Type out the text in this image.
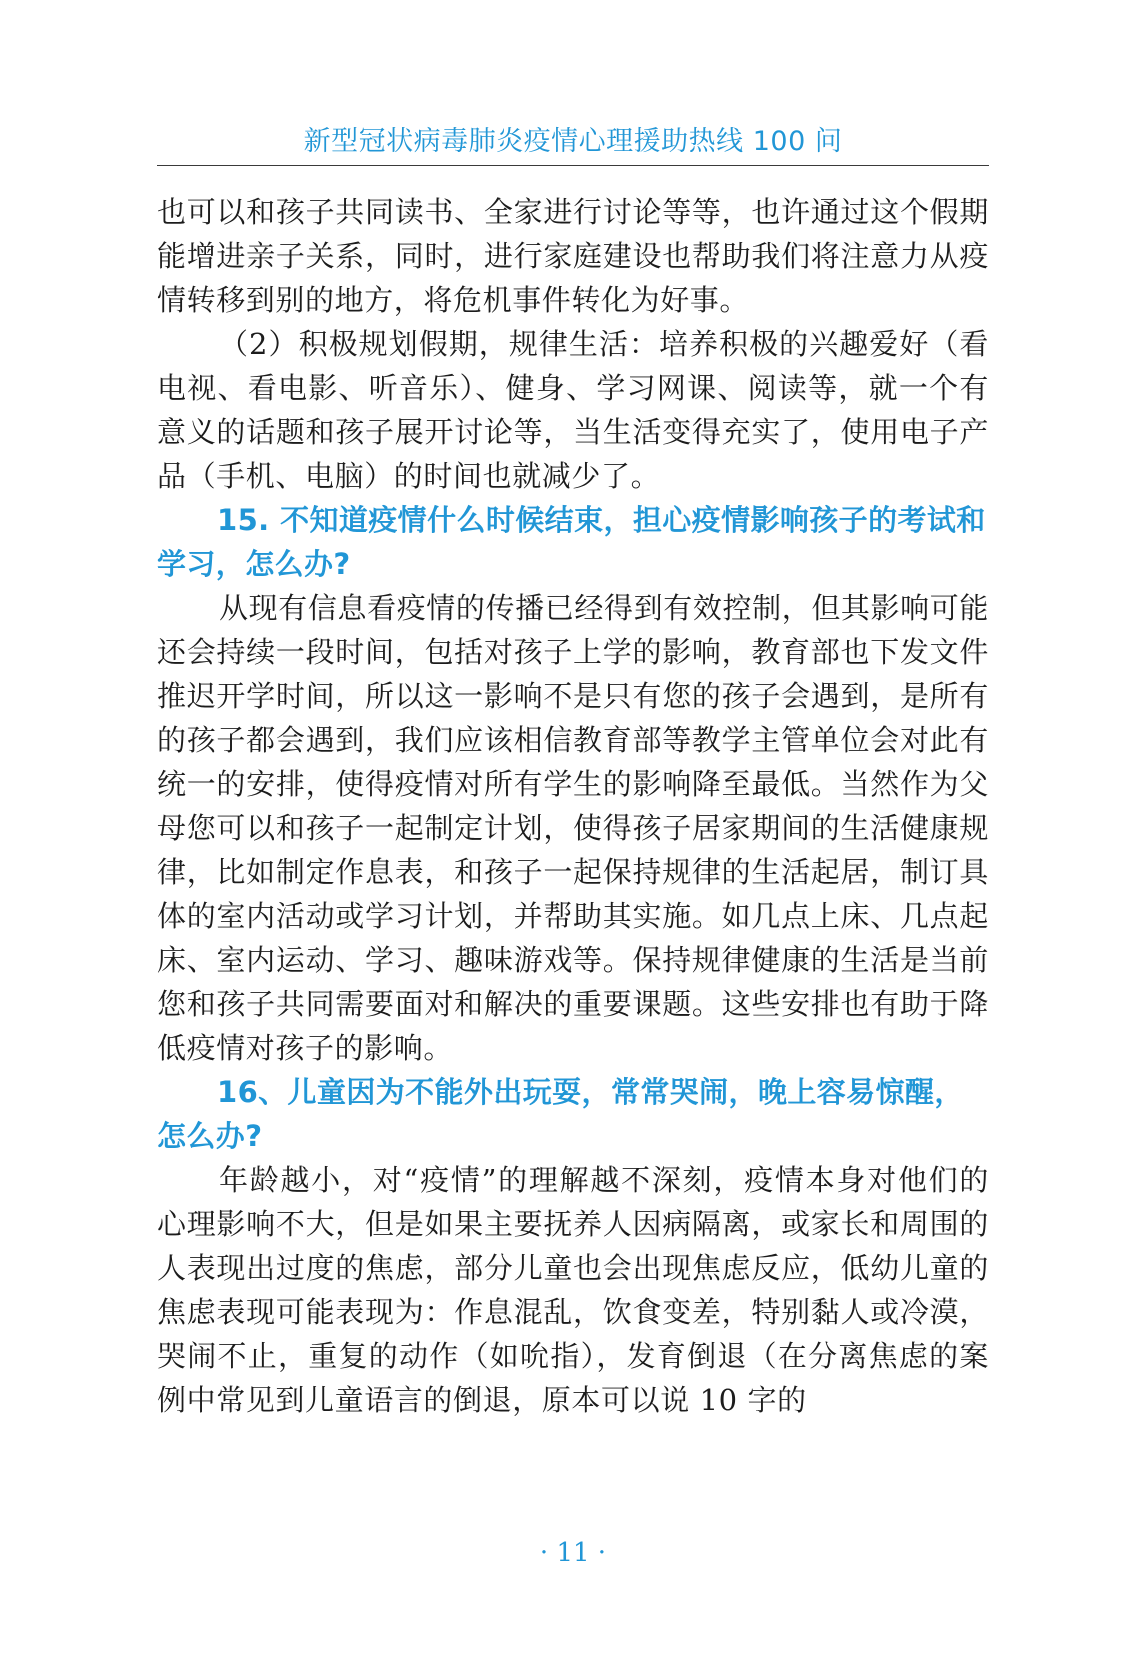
新型冠状病毒肺炎疫情心理援助热线 100 问

也可以和孩子共同读书、全家进行讨论等等，也许通过这个假期能增进亲子关系，同时，进行家庭建设也帮助我们将注意力从疫情转移到别的地方，将危机事件转化为好事。

（2）积极规划假期，规律生活：培养积极的兴趣爱好（看电视、看电影、听音乐）、健身、学习网课、阅读等，就一个有意义的话题和孩子展开讨论等，当生活变得充实了，使用电子产品（手机、电脑）的时间也就减少了。

15. 不知道疫情什么时候结束，担心疫情影响孩子的考试和学习，怎么办?

从现有信息看疫情的传播已经得到有效控制，但其影响可能还会持续一段时间，包括对孩子上学的影响，教育部也下发文件推迟开学时间，所以这一影响不是只有您的孩子会遇到，是所有的孩子都会遇到，我们应该相信教育部等教学主管单位会对此有统一的安排，使得疫情对所有学生的影响降至最低。当然作为父母您可以和孩子一起制定计划，使得孩子居家期间的生活健康规律，比如制定作息表，和孩子一起保持规律的生活起居，制订具体的室内活动或学习计划，并帮助其实施。如几点上床、几点起床、室内运动、学习、趣味游戏等。保持规律健康的生活是当前您和孩子共同需要面对和解决的重要课题。这些安排也有助于降低疫情对孩子的影响。

16、儿童因为不能外出玩耍，常常哭闹，晚上容易惊醒，怎么办?

年龄越小，对“疫情”的理解越不深刻，疫情本身对他们的心理影响不大，但是如果主要抚养人因病隔离，或家长和周围的人表现出过度的焦虑，部分儿童也会出现焦虑反应，低幼儿童的焦虑表现可能表现为：作息混乱，饮食变差，特别黏人或冷漠，哭闹不止，重复的动作（如吮指），发育倒退（在分离焦虑的案例中常见到儿童语言的倒退，原本可以说 10 字的

· 11 ·
